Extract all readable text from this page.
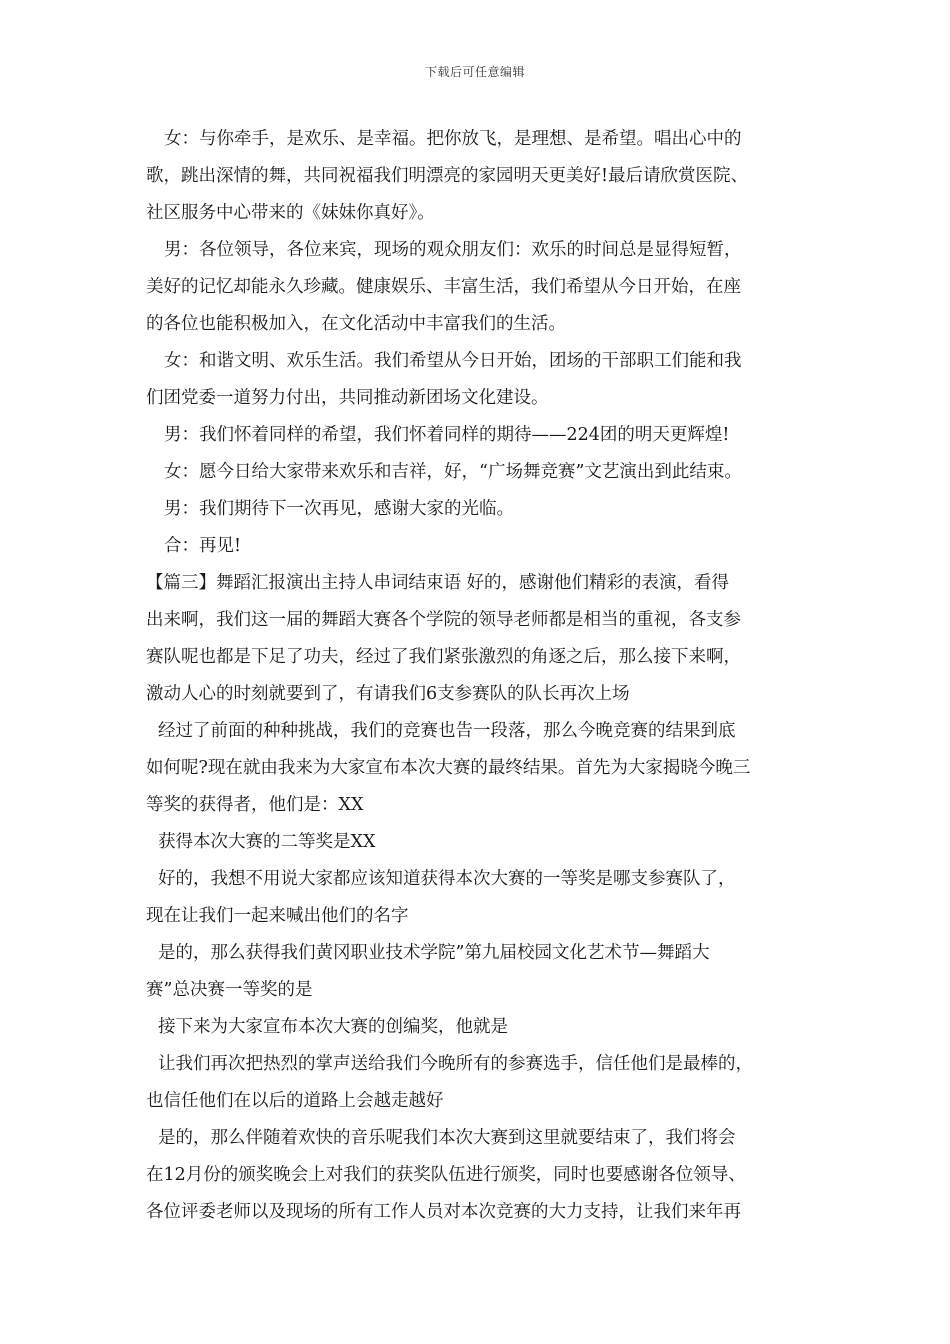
下载后可任意编辑
女：与你牵手，是欢乐、是幸福。把你放飞，是理想、是希望。唱出心中的
歌，跳出深情的舞，共同祝福我们明漂亮的家园明天更美好!最后请欣赏医院、
社区服务中心带来的《妹妹你真好》。
男：各位领导，各位来宾，现场的观众朋友们：欢乐的时间总是显得短暂，
美好的记忆却能永久珍藏。健康娱乐、丰富生活，我们希望从今日开始，在座
的各位也能积极加入，在文化活动中丰富我们的生活。
女：和谐文明、欢乐生活。我们希望从今日开始，团场的干部职工们能和我
们团党委一道努力付出，共同推动新团场文化建设。
男：我们怀着同样的希望，我们怀着同样的期待——224团的明天更辉煌!
女：愿今日给大家带来欢乐和吉祥，好，“广场舞竞赛”文艺演出到此结束。
男：我们期待下一次再见，感谢大家的光临。
合：再见!
【篇三】舞蹈汇报演出主持人串词结束语 好的，感谢他们精彩的表演，看得
出来啊，我们这一届的舞蹈大赛各个学院的领导老师都是相当的重视，各支参
赛队呢也都是下足了功夫，经过了我们紧张激烈的角逐之后，那么接下来啊，
激动人心的时刻就要到了，有请我们6支参赛队的队长再次上场
经过了前面的种种挑战，我们的竞赛也告一段落，那么今晚竞赛的结果到底
如何呢?现在就由我来为大家宣布本次大赛的最终结果。首先为大家揭晓今晚三
等奖的获得者，他们是：XX
获得本次大赛的二等奖是XX
好的，我想不用说大家都应该知道获得本次大赛的一等奖是哪支参赛队了，
现在让我们一起来喊出他们的名字
是的，那么获得我们黄冈职业技术学院”第九届校园文化艺术节—舞蹈大
赛”总决赛一等奖的是
接下来为大家宣布本次大赛的创编奖，他就是
让我们再次把热烈的掌声送给我们今晚所有的参赛选手，信任他们是最棒的，
也信任他们在以后的道路上会越走越好
是的，那么伴随着欢快的音乐呢我们本次大赛到这里就要结束了，我们将会
在12月份的颁奖晚会上对我们的获奖队伍进行颁奖，同时也要感谢各位领导、
各位评委老师以及现场的所有工作人员对本次竞赛的大力支持，让我们来年再
